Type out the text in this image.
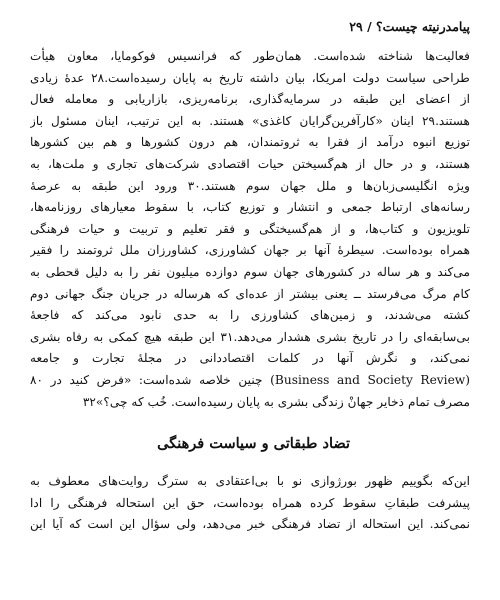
پیامدرنیته چیست؟ / ۲۹
فعالیت‌ها شناخته شده‌است. همان‌طور که فرانسیس فوکومایا، معاون هیأت
طراحی سیاست دولت امریکا، بیان داشته تاریخ به پایان رسیده‌است.۲۸ عدهٔ زیادی
از اعضای این طبقه در سرمایه‌گذاری، برنامه‌ریزی، بازاریابی و معامله فعال
هستند.۲۹ اینان «کارآفرین‌گرایان کاغذی» هستند. به این ترتیب، اینان مسئول باز
توزیع انبوه درآمد از فقرا به ثروتمندان، هم درون کشورها و هم بین کشورها
هستند، و در حال از هم‌گسیختن حیات اقتصادی شرکت‌های تجاری و ملت‌ها، به
ویژه انگلیسی‌زبان‌ها و ملل جهان سوم هستند.۳۰ ورود این طبقه به عرصهٔ
رسانه‌های ارتباط جمعی و انتشار و توزیع کتاب، با سقوط معیارهای روزنامه‌ها،
تلویزیون و کتاب‌ها، و از هم‌گسیختگی و فقر تعلیم و تربیت و حیات فرهنگی
همراه بوده‌است. سیطرهٔ آنها بر جهان کشاورزی، کشاورزان ملل ثروتمند را فقیر
می‌کند و هر ساله در کشورهای جهان سوم دوازده میلیون نفر را به دلیل قحطی به
کام مرگ می‌فرستد ــ یعنی بیشتر از عده‌ای که هرساله در جریان جنگ جهانی دوم
کشته می‌شدند، و زمین‌های کشاورزی را به حدی نابود می‌کند که فاجعهٔ
بی‌سابقه‌ای را در تاریخ بشری هشدار می‌دهد.۳۱ این طبقه هیچ کمکی به رفاه بشری
نمی‌کند، و نگرش آنها در کلمات اقتصاددانی در مجلهٔ تجارت و جامعه
(Business and Society Review) چنین خلاصه شده‌است: «فرض کنید در ۸۰
مصرف تمام ذخایر جهانْ زندگی بشری به پایان رسیده‌است. خُب که چی؟»۳۲
تضاد طبقاتی و سیاست فرهنگی
این‌که بگوییم ظهور بورژوازی نو با بی‌اعتقادی به سترگ روایت‌های معطوف به
پیشرفت طبقاتِ سقوط کرده همراه بوده‌است، حق این استحاله فرهنگی را ادا
نمی‌کند. این استحاله از تضاد فرهنگی خبر می‌دهد، ولی سؤال این است که آیا این
